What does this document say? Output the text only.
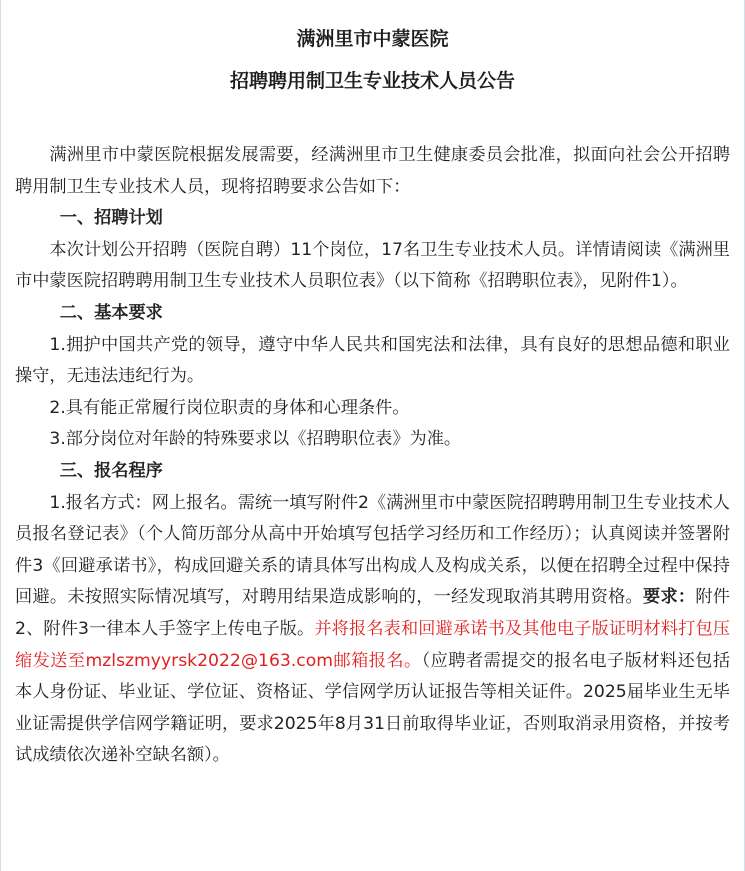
满洲里市中蒙医院
招聘聘用制卫生专业技术人员公告

满洲里市中蒙医院根据发展需要，经满洲里市卫生健康委员会批准，拟面向社会公开招聘聘用制卫生专业技术人员，现将招聘要求公告如下：

一、招聘计划

本次计划公开招聘（医院自聘）11个岗位，17名卫生专业技术人员。详情请阅读《满洲里市中蒙医院招聘聘用制卫生专业技术人员职位表》（以下简称《招聘职位表》，见附件1）。

二、基本要求

1.拥护中国共产党的领导，遵守中华人民共和国宪法和法律，具有良好的思想品德和职业操守，无违法违纪行为。

2.具有能正常履行岗位职责的身体和心理条件。

3.部分岗位对年龄的特殊要求以《招聘职位表》为准。

三、报名程序

1.报名方式：网上报名。需统一填写附件2《满洲里市中蒙医院招聘聘用制卫生专业技术人员报名登记表》（个人简历部分从高中开始填写包括学习经历和工作经历）；认真阅读并签署附件3《回避承诺书》，构成回避关系的请具体写出构成人及构成关系，以便在招聘全过程中保持回避。未按照实际情况填写，对聘用结果造成影响的，一经发现取消其聘用资格。要求：附件2、附件3一律本人手签字上传电子版。并将报名表和回避承诺书及其他电子版证明材料打包压缩发送至mzlszmyyrsk2022@163.com邮箱报名。（应聘者需提交的报名电子版材料还包括本人身份证、毕业证、学位证、资格证、学信网学历认证报告等相关证件。2025届毕业生无毕业证需提供学信网学籍证明，要求2025年8月31日前取得毕业证，否则取消录用资格，并按考试成绩依次递补空缺名额）。
